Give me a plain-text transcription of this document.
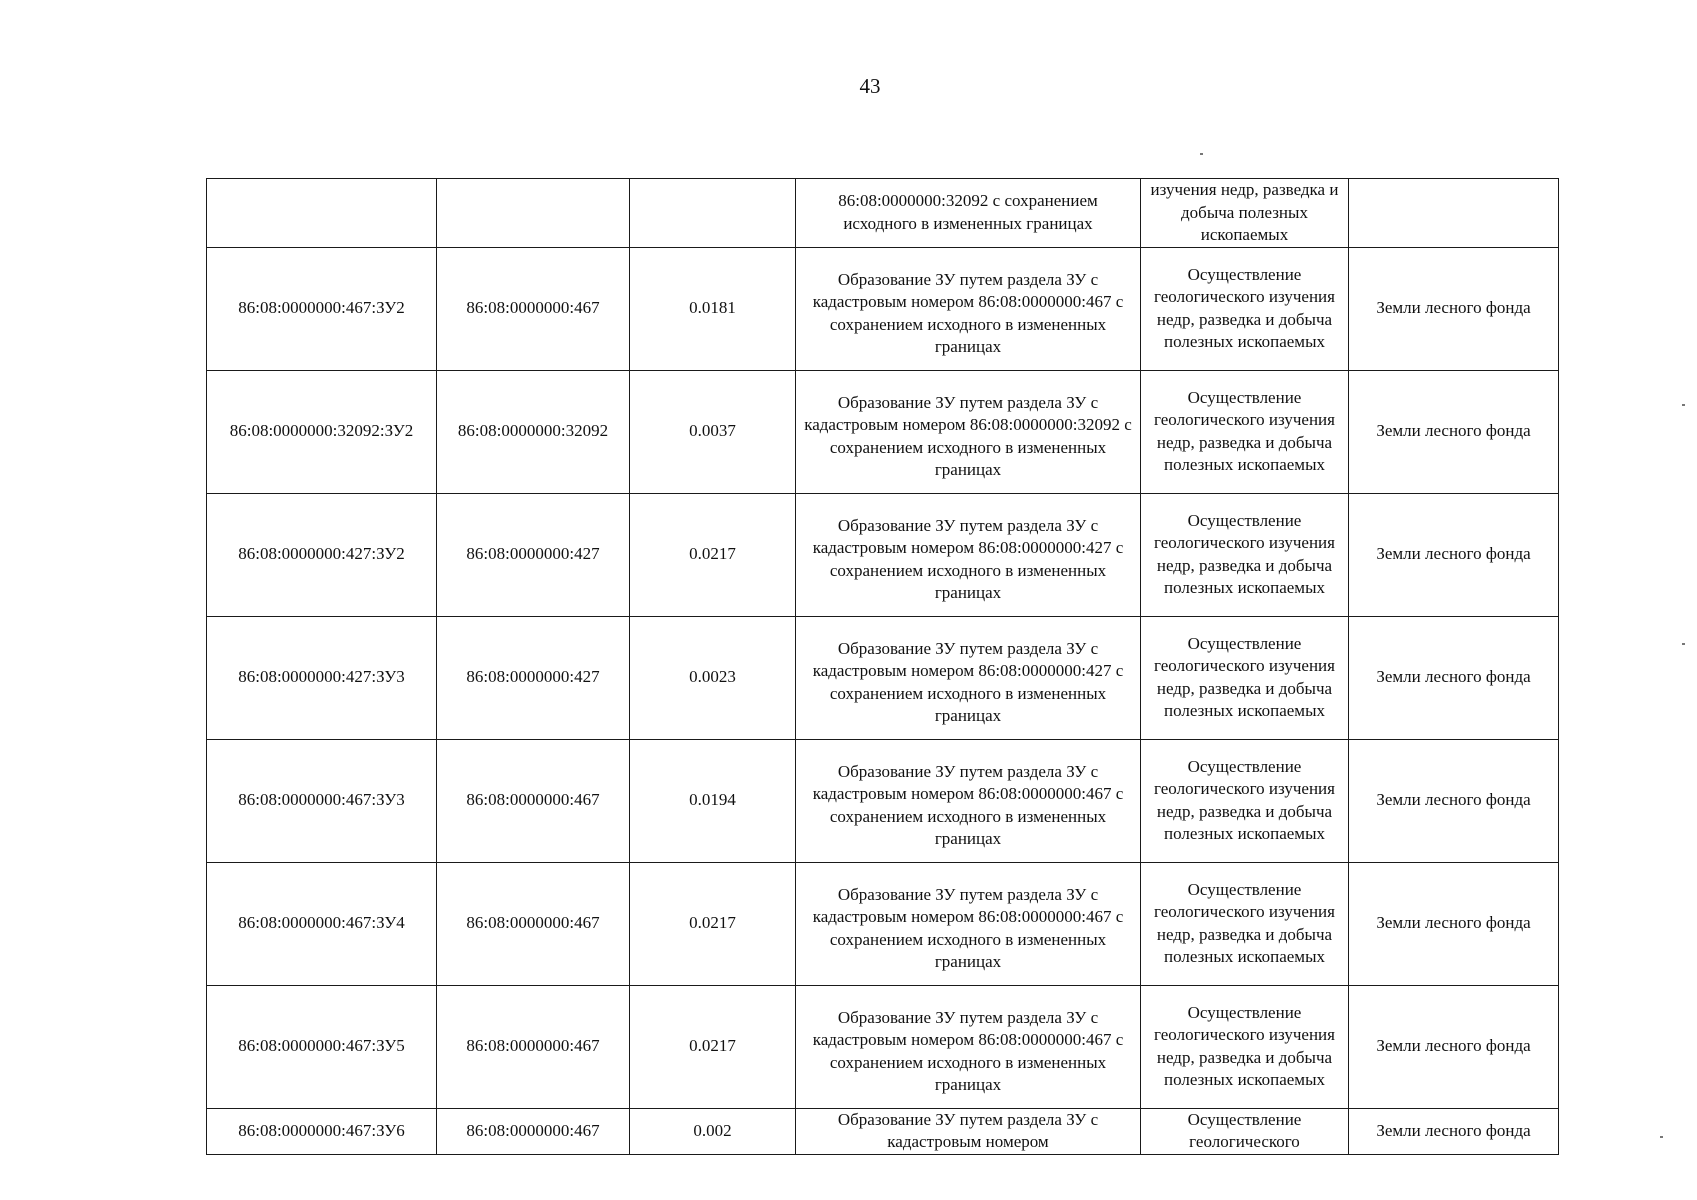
43
			86:08:0000000:32092 с сохранением исходного в измененных границах	изучения недр, разведка и добыча полезных ископаемых	
86:08:0000000:467:ЗУ2	86:08:0000000:467	0.0181	Образование ЗУ путем раздела ЗУ с кадастровым номером 86:08:0000000:467 с сохранением исходного в измененных границах	Осуществление геологического изучения недр, разведка и добыча полезных ископаемых	Земли лесного фонда
86:08:0000000:32092:ЗУ2	86:08:0000000:32092	0.0037	Образование ЗУ путем раздела ЗУ с кадастровым номером 86:08:0000000:32092 с сохранением исходного в измененных границах	Осуществление геологического изучения недр, разведка и добыча полезных ископаемых	Земли лесного фонда
86:08:0000000:427:ЗУ2	86:08:0000000:427	0.0217	Образование ЗУ путем раздела ЗУ с кадастровым номером 86:08:0000000:427 с сохранением исходного в измененных границах	Осуществление геологического изучения недр, разведка и добыча полезных ископаемых	Земли лесного фонда
86:08:0000000:427:ЗУ3	86:08:0000000:427	0.0023	Образование ЗУ путем раздела ЗУ с кадастровым номером 86:08:0000000:427 с сохранением исходного в измененных границах	Осуществление геологического изучения недр, разведка и добыча полезных ископаемых	Земли лесного фонда
86:08:0000000:467:ЗУ3	86:08:0000000:467	0.0194	Образование ЗУ путем раздела ЗУ с кадастровым номером 86:08:0000000:467 с сохранением исходного в измененных границах	Осуществление геологического изучения недр, разведка и добыча полезных ископаемых	Земли лесного фонда
86:08:0000000:467:ЗУ4	86:08:0000000:467	0.0217	Образование ЗУ путем раздела ЗУ с кадастровым номером 86:08:0000000:467 с сохранением исходного в измененных границах	Осуществление геологического изучения недр, разведка и добыча полезных ископаемых	Земли лесного фонда
86:08:0000000:467:ЗУ5	86:08:0000000:467	0.0217	Образование ЗУ путем раздела ЗУ с кадастровым номером 86:08:0000000:467 с сохранением исходного в измененных границах	Осуществление геологического изучения недр, разведка и добыча полезных ископаемых	Земли лесного фонда
86:08:0000000:467:ЗУ6	86:08:0000000:467	0.002	Образование ЗУ путем раздела ЗУ с кадастровым номером	Осуществление геологического	Земли лесного фонда
